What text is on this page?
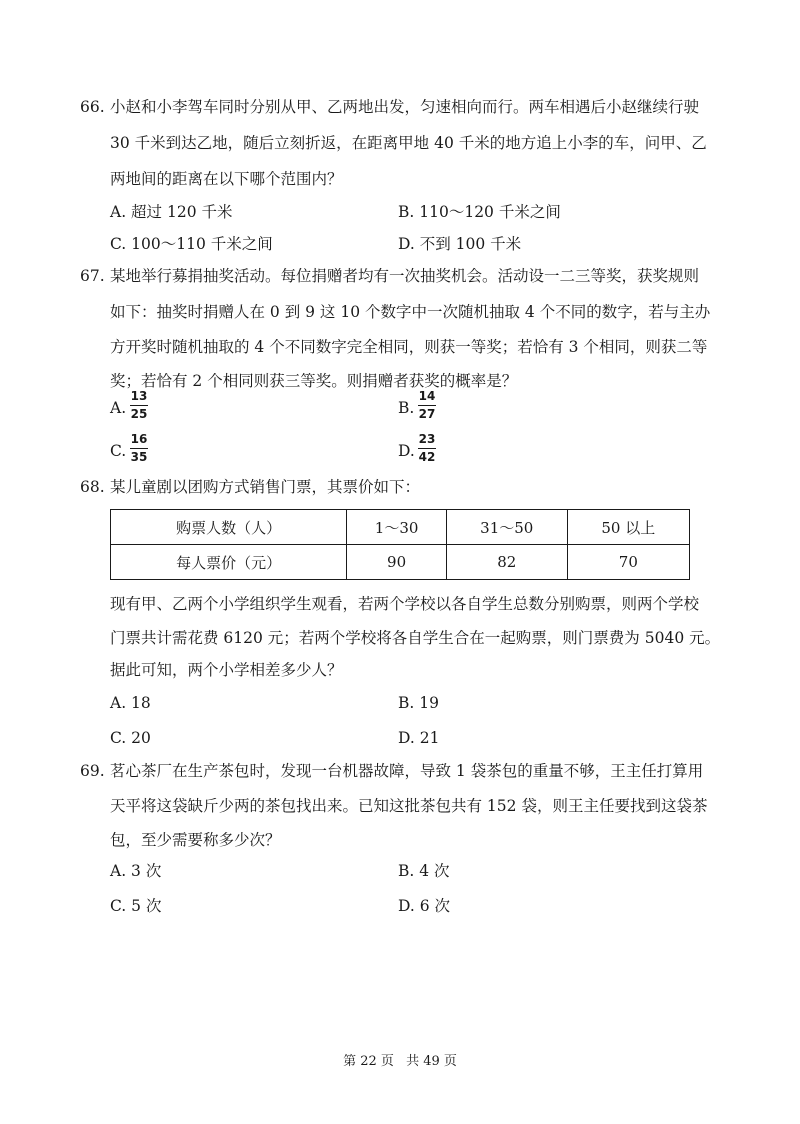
66. 小赵和小李驾车同时分别从甲、乙两地出发，匀速相向而行。两车相遇后小赵继续行驶
30 千米到达乙地，随后立刻折返，在距离甲地 40 千米的地方追上小李的车，问甲、乙
两地间的距离在以下哪个范围内？
A. 超过 120 千米	B. 110～120 千米之间
C. 100～110 千米之间	D. 不到 100 千米
67. 某地举行募捐抽奖活动。每位捐赠者均有一次抽奖机会。活动设一二三等奖，获奖规则
如下：抽奖时捐赠人在 0 到 9 这 10 个数字中一次随机抽取 4 个不同的数字，若与主办
方开奖时随机抽取的 4 个不同数字完全相同，则获一等奖；若恰有 3 个相同，则获二等
奖；若恰有 2 个相同则获三等奖。则捐赠者获奖的概率是？
A.
13
25	B.
14
27
C.
16
35	D.
23
42
68. 某儿童剧以团购方式销售门票，其票价如下：
购票人数（人）	1～30	31～50	50 以上
每人票价（元）	90	82	70
现有甲、乙两个小学组织学生观看，若两个学校以各自学生总数分别购票，则两个学校
门票共计需花费 6120 元；若两个学校将各自学生合在一起购票，则门票费为 5040 元。
据此可知，两个小学相差多少人？
A. 18	B. 19
C. 20	D. 21
69. 茗心茶厂在生产茶包时，发现一台机器故障，导致 1 袋茶包的重量不够，王主任打算用
天平将这袋缺斤少两的茶包找出来。已知这批茶包共有 152 袋，则王主任要找到这袋茶
包，至少需要称多少次？
A. 3 次	B. 4 次
C. 5 次	D. 6 次
第 22 页 共 49 页
